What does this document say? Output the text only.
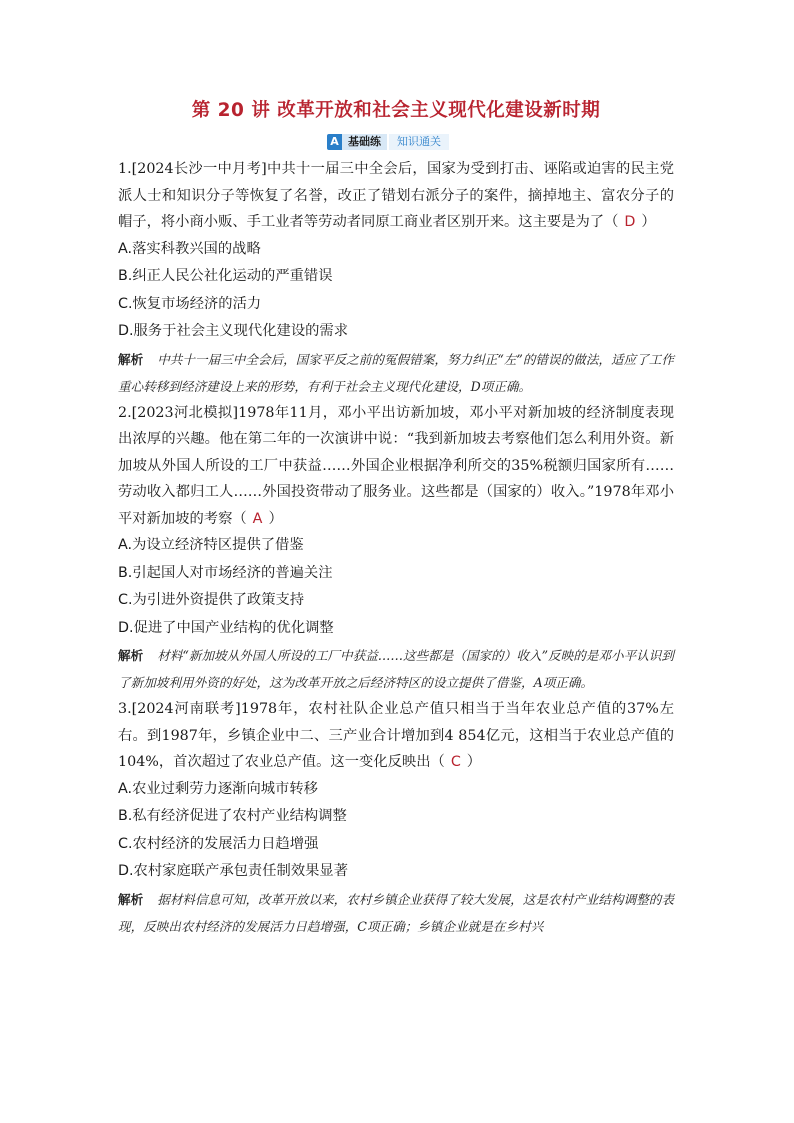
第 20 讲 改革开放和社会主义现代化建设新时期
A 基础练	知识通关
1.[2024长沙一中月考]中共十一届三中全会后，国家为受到打击、诬陷或迫害的民主党派人士和知识分子等恢复了名誉，改正了错划右派分子的案件，摘掉地主、富农分子的帽子，将小商小贩、手工业者等劳动者同原工商业者区别开来。这主要是为了（ D ）
A.落实科教兴国的战略
B.纠正人民公社化运动的严重错误
C.恢复市场经济的活力
D.服务于社会主义现代化建设的需求
解析 中共十一届三中全会后，国家平反之前的冤假错案，努力纠正“左”的错误的做法，适应了工作重心转移到经济建设上来的形势，有利于社会主义现代化建设，D项正确。
2.[2023河北模拟]1978年11月，邓小平出访新加坡，邓小平对新加坡的经济制度表现出浓厚的兴趣。他在第二年的一次演讲中说：“我到新加坡去考察他们怎么利用外资。新加坡从外国人所设的工厂中获益……外国企业根据净利所交的35%税额归国家所有……劳动收入都归工人……外国投资带动了服务业。这些都是（国家的）收入。”1978年邓小平对新加坡的考察（ A ）
A.为设立经济特区提供了借鉴
B.引起国人对市场经济的普遍关注
C.为引进外资提供了政策支持
D.促进了中国产业结构的优化调整
解析 材料“新加坡从外国人所设的工厂中获益……这些都是（国家的）收入”反映的是邓小平认识到了新加坡利用外资的好处，这为改革开放之后经济特区的设立提供了借鉴，A项正确。
3.[2024河南联考]1978年，农村社队企业总产值只相当于当年农业总产值的37%左右。到1987年，乡镇企业中二、三产业合计增加到4 854亿元，这相当于农业总产值的104%，首次超过了农业总产值。这一变化反映出（ C ）
A.农业过剩劳力逐渐向城市转移
B.私有经济促进了农村产业结构调整
C.农村经济的发展活力日趋增强
D.农村家庭联产承包责任制效果显著
解析 据材料信息可知，改革开放以来，农村乡镇企业获得了较大发展，这是农村产业结构调整的表现，反映出农村经济的发展活力日趋增强，C项正确；乡镇企业就是在乡村兴
